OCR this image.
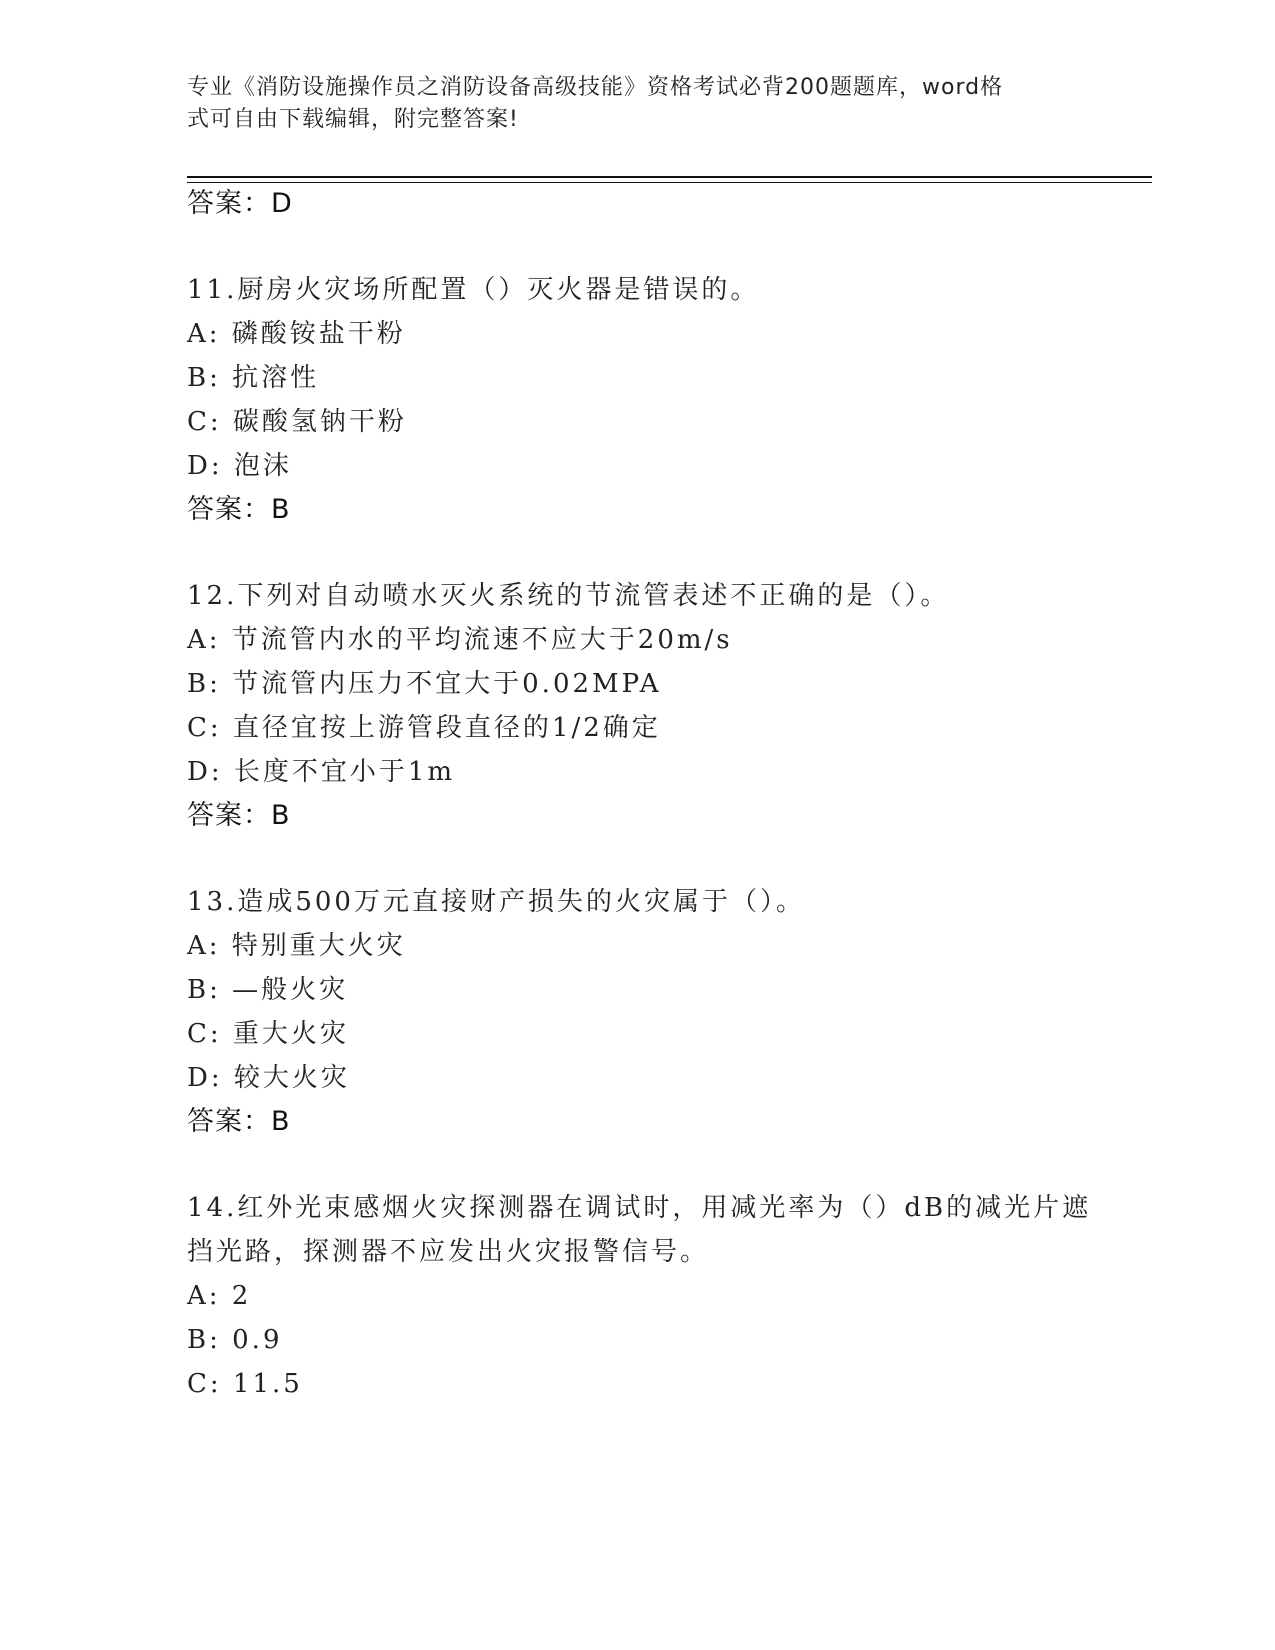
专业《消防设施操作员之消防设备高级技能》资格考试必背200题题库，word格
式可自由下载编辑，附完整答案!
答案：D
11.厨房火灾场所配置（）灭火器是错误的。
A: 磷酸铵盐干粉
B: 抗溶性
C: 碳酸氢钠干粉
D: 泡沫
答案：B
12.下列对自动喷水灭火系统的节流管表述不正确的是（）。
A: 节流管内水的平均流速不应大于20m/s
B: 节流管内压力不宜大于0.02MPA
C: 直径宜按上游管段直径的1/2确定
D: 长度不宜小于1m
答案：B
13.造成500万元直接财产损失的火灾属于（）。
A: 特别重大火灾
B: —般火灾
C: 重大火灾
D: 较大火灾
答案：B
14.红外光束感烟火灾探测器在调试时，用减光率为（）dB的减光片遮
挡光路，探测器不应发出火灾报警信号。
A: 2
B: 0.9
C: 11.5
